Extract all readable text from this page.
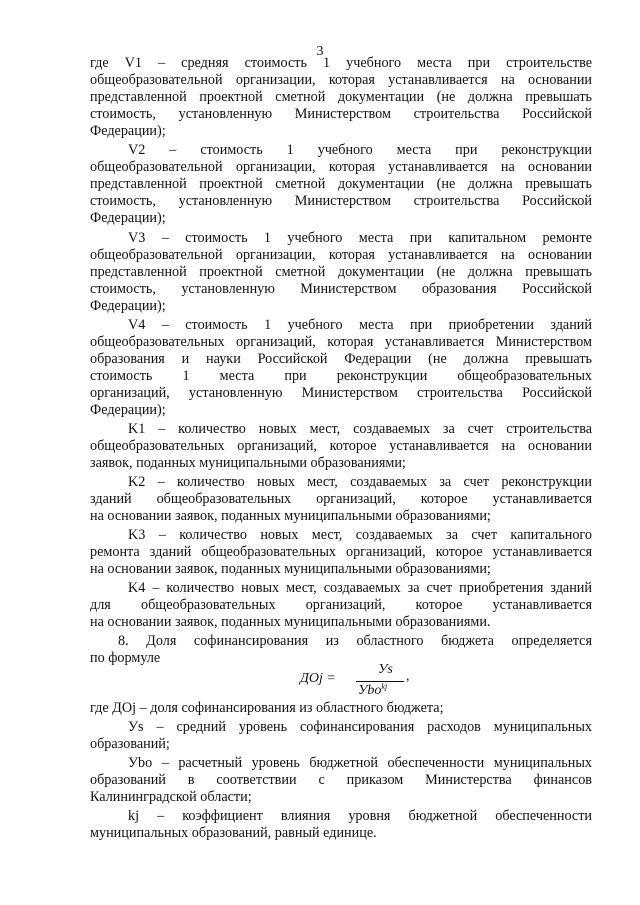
3
где V1 – средняя стоимость 1 учебного места при строительстве
общеобразовательной организации, которая устанавливается на основании
представленной проектной сметной документации (не должна превышать
стоимость, установленную Министерством строительства Российской
Федерации);
V2 – стоимость 1 учебного места при реконструкции
общеобразовательной организации, которая устанавливается на основании
представленной проектной сметной документации (не должна превышать
стоимость, установленную Министерством строительства Российской
Федерации);
V3 – стоимость 1 учебного места при капитальном ремонте
общеобразовательной организации, которая устанавливается на основании
представленной проектной сметной документации (не должна превышать
стоимость, установленную Министерством образования Российской
Федерации);
V4 – стоимость 1 учебного места при приобретении зданий
общеобразовательных организаций, которая устанавливается Министерством
образования и науки Российской Федерации (не должна превышать
стоимость 1 места при реконструкции общеобразовательных
организаций, установленную Министерством строительства Российской
Федерации);
K1 – количество новых мест, создаваемых за счет строительства
общеобразовательных организаций, которое устанавливается на основании
заявок, поданных муниципальными образованиями;
K2 – количество новых мест, создаваемых за счет реконструкции
зданий общеобразовательных организаций, которое устанавливается
на основании заявок, поданных муниципальными образованиями;
K3 – количество новых мест, создаваемых за счет капитального
ремонта зданий общеобразовательных организаций, которое устанавливается
на основании заявок, поданных муниципальными образованиями;
K4 – количество новых мест, создаваемых за счет приобретения зданий
для общеобразовательных организаций, которое устанавливается
на основании заявок, поданных муниципальными образованиями.
8. Доля софинансирования из областного бюджета определяется
по формуле
ДОj =
Уs
Уbo$^{kj}$
,
где ДОj – доля софинансирования из областного бюджета;
Уs – средний уровень софинансирования расходов муниципальных
образований;
Уbo – расчетный уровень бюджетной обеспеченности муниципальных
образований в соответствии с приказом Министерства финансов
Калининградской области;
kj – коэффициент влияния уровня бюджетной обеспеченности
муниципальных образований, равный единице.
